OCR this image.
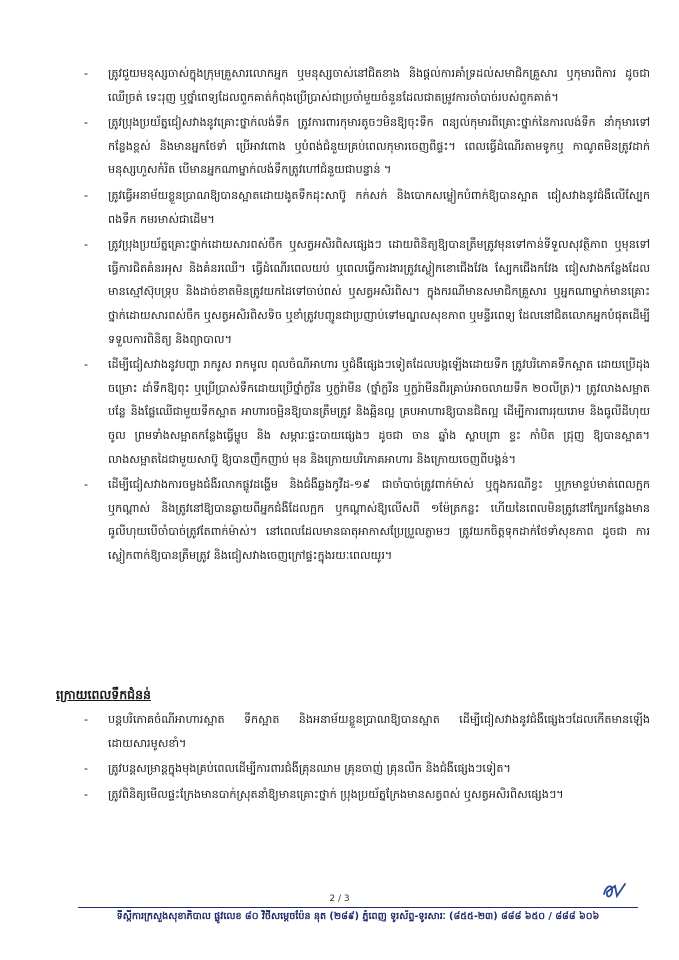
- ត្រូវជួយមនុស្សចាស់ក្នុងក្រុមគ្រួសារលោកអ្នក ឬមនុស្សចាស់នៅជិតខាង និងផ្តល់ការគាំទ្រដល់សមាជិកគ្រួសារ ឬកុមារពិការ ដូចជាឈើច្រត់ ទេះរុញ ឬថ្នាំពេទ្យដែលពួកគាត់កំពុងប្រើប្រាស់ជាប្រចាំមួយចំនួនដែលជាតម្រូវការចាំបាច់របស់ពួកគាត់។
- ត្រូវប្រុងប្រយ័ត្នជៀសវាងនូវគ្រោះថ្នាក់លង់ទឹក ត្រូវការពារកុមារតូចៗមិនឱ្យចុះទឹក ពន្យល់កុមារពីគ្រោះថ្នាក់នៃការលង់ទឹក នាំកុមារទៅកន្លែងខ្ពស់ និងមានអ្នកថែទាំ ប្រើអាវពោង ឬបំពង់ជំនួយគ្រប់ពេលកុមារចេញពីផ្ទះ។ ពេលធ្វើដំណើរតាមទូកឬ កាណូតមិនត្រូវដាក់មនុស្សហួសកំរិត បើមានអ្នកណាម្នាក់លង់ទឹកត្រូវហៅជំនួយជាបន្ទាន់ ។
- ត្រូវធ្វើអនាម័យខ្លួនប្រាណឱ្យបានស្អាតដោយងូតទឹកដុះសាប៊ូ កក់សក់ និងបោកសម្លៀកបំពាក់ឱ្យបានស្អាត ជៀសវាងនូវជំងឺលើស្បែក ពងទឹក កមរមាស់ជាដើម។
- ត្រូវប្រុងប្រយ័ត្នគ្រោះថ្នាក់ដោយសារពស់ចឹក ឬសត្វអសិរពិសផ្សេងៗ ដោយពិនិត្យឱ្យបានត្រឹមត្រូវមុនទៅកាន់ទីទួលសុវត្ថិភាព ឬមុនទៅធ្វើការជិតគំនរអុស និងគំនរឈើ។ ធ្វើដំណើរពេលយប់ ឬពេលធ្វើការងារត្រូវស្លៀកខោជើងវែង ស្បែកជើងកវែង ជៀសវាងកន្លែងដែលមានស្មៅស៊ុបទ្រុប និងដាច់ខាតមិនត្រូវយកដៃទៅចាប់ពស់ ឬសត្វអសិរពិស។ ក្នុងករណីមានសមាជិកគ្រួសារ ឬអ្នកណាម្នាក់មានគ្រោះថ្នាក់ដោយសារពស់ចឹក ឬសត្វអសិរពិសទិច ឬខាំត្រូវបញ្ជូនជាប្រញាប់ទៅមណ្ឌលសុខភាព ឬមន្ទីរពេទ្យ ដែលនៅជិតលោកអ្នកបំផុតដើម្បីទទួលការពិនិត្យ និងព្យាបាល។
- ដើម្បីជៀសវាងនូវបញ្ហា រាករូស រាកមូល ពុលចំណីអាហារ ឬជំងឺផ្សេងៗទៀតដែលបង្កឡើងដោយទឹក ត្រូវបរិភោគទឹកស្អាត ដោយប្រើដុងចម្រោះ ដាំទឹកឱ្យពុះ ឬប្រើប្រាស់ទឹកដោយប្រើថ្នាំក្លរីន ឬក្លរ៉ាមីន (ថ្នាំក្លរីន ឬក្លរ៉ាមីនពីរគ្រាប់អាចលាយទឹក ២០លីត្រ)។ ត្រូវលាងសម្អាតបន្លែ និងផ្លែឈើជាមួយទឹកស្អាត អាហារចម្អិនឱ្យបានត្រឹមត្រូវ និងឆ្អិនល្អ គ្របអាហារឱ្យបានជិតល្អ ដើម្បីការពាររុយរោម និងធូលីដីហុយចូល ព្រមទាំងសម្អាតកន្លែងធ្វើម្ហូប និង សម្ភារៈផ្ទះបាយផ្សេងៗ ដូចជា ចាន ឆ្នាំង ស្លាបព្រា ខ្ទះ កាំបិត ជ្រុញ ឱ្យបានស្អាត។ លាងសម្អាតដៃជាមួយសាប៊ូ ឱ្យបានញឹកញាប់ មុន និងក្រោយបរិភោគអាហារ និងក្រោយចេញពីបង្គន់។
- ដើម្បីជៀសវាងការចម្លងជំងឺរលាកផ្លូវដង្ហើម និងជំងឺឆ្លងកូវីដ-១៩ ជាចាំបាច់ត្រូវពាក់ម៉ាស់ ឬក្នុងករណីខ្វះ ឬក្រមាខ្ទប់មាត់ពេលក្អក ឬកណ្តាស់ និងត្រូវនៅឱ្យបានឆ្ងាយពីអ្នកជំងឺដែលក្អក ឬកណ្តាស់ឱ្យលើសពី ១ម៉ែត្រកន្លះ ហើយនៃពេលមិនត្រូវនៅក្បែរកន្លែងមានធូលីហុយបើចាំបាច់ត្រូវតែពាក់ម៉ាស់។ នៅពេលដែលមានធាតុអាកាសប្រែប្រួលភ្លាមៗ ត្រូវយកចិត្តទុកដាក់ថែទាំសុខភាព ដូចជា ការស្លៀកពាក់ឱ្យបានត្រឹមត្រូវ និងជៀសវាងចេញក្រៅផ្ទះក្នុងរយៈពេលយូរ។
ក្រោយពេលទឹកជំនន់
- បន្តបរិភោគចំណីអាហារស្អាត ទឹកស្អាត និងអនាម័យខ្លួនប្រាណឱ្យបានស្អាត ដើម្បីជៀសវាងនូវជំងឺផ្សេងៗដែលកើតមានឡើងដោយសារមូសខាំ។
- ត្រូវបន្តសម្រាន្តក្នុងមុងគ្រប់ពេលដើម្បីការពារជំងឺគ្រុនឈាម គ្រុនចាញ់ គ្រុនលឹក និងជំងឺផ្សេងៗទៀត។
- ត្រូវពិនិត្យមើលផ្ទះក្រែងមានបាក់ស្រុតនាំឱ្យមានគ្រោះថ្នាក់ ប្រុងប្រយ័ត្នក្រែងមានសត្វពស់ ឬសត្វអសិរពិសផ្សេងៗ។
2 / 3
ទីស្តីការក្រសួងសុខាភិបាល ផ្លូវលេខ ៨០ វិថីសម្តេចប៉ែន នុត (២៨៩) ភ្នំពេញ ទូរស័ព្ទ-ទូរសារៈ (៨៥៥-២៣) ៨៨៨ ៦៥០ / ៨៨៨ ៦០៦
